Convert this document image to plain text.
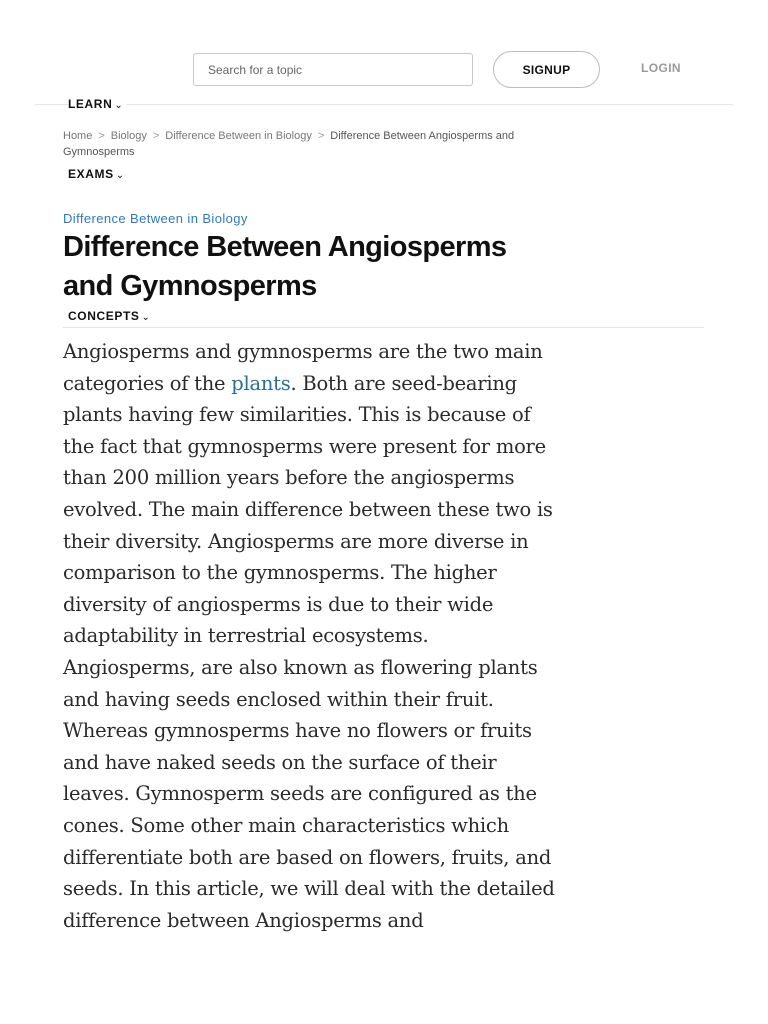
Search for a topic
SIGNUP	LOGIN
LEARN ⌄
Home > Biology > Difference Between in Biology > Difference Between Angiosperms and Gymnosperms
EXAMS ⌄
Difference Between in Biology
Difference Between Angiosperms and Gymnosperms
CONCEPTS ⌄

Angiosperms and gymnosperms are the two main categories of the plants. Both are seed-bearing plants having few similarities. This is because of the fact that gymnosperms were present for more than 200 million years before the angiosperms evolved. The main difference between these two is their diversity. Angiosperms are more diverse in comparison to the gymnosperms. The higher diversity of angiosperms is due to their wide adaptability in terrestrial ecosystems. Angiosperms, are also known as flowering plants and having seeds enclosed within their fruit. Whereas gymnosperms have no flowers or fruits and have naked seeds on the surface of their leaves. Gymnosperm seeds are configured as the cones. Some other main characteristics which differentiate both are based on flowers, fruits, and seeds. In this article, we will deal with the detailed difference between Angiosperms and
